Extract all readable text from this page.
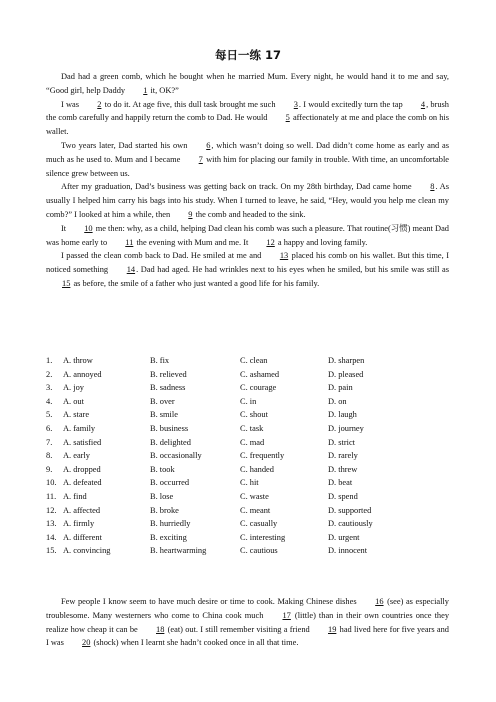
每日一练 17

Dad had a green comb, which he bought when he married Mum. Every night, he would hand it to me and say, “Good girl, help Daddy 1 it, OK?”

I was 2 to do it. At age five, this dull task brought me such 3. I would excitedly turn the tap 4, brush the comb carefully and happily return the comb to Dad. He would 5 affectionately at me and place the comb on his wallet.

Two years later, Dad started his own 6, which wasn’t doing so well. Dad didn’t come home as early and as much as he used to. Mum and I became 7 with him for placing our family in trouble. With time, an uncomfortable silence grew between us.

After my graduation, Dad’s business was getting back on track. On my 28th birthday, Dad came home 8. As usually I helped him carry his bags into his study. When I turned to leave, he said, “Hey, would you help me clean my comb?” I looked at him a while, then 9 the comb and headed to the sink.

It 10 me then: why, as a child, helping Dad clean his comb was such a pleasure. That routine(习惯) meant Dad was home early to 11 the evening with Mum and me. It 12 a happy and loving family.

I passed the clean comb back to Dad. He smiled at me and 13 placed his comb on his wallet. But this time, I noticed something 14. Dad had aged. He had wrinkles next to his eyes when he smiled, but his smile was still as 15 as before, the smile of a father who just wanted a good life for his family.

1. A. throw	B. fix	C. clean	D. sharpen
2. A. annoyed	B. relieved	C. ashamed	D. pleased
3. A. joy	B. sadness	C. courage	D. pain
4. A. out	B. over	C. in	D. on
5. A. stare	B. smile	C. shout	D. laugh
6. A. family	B. business	C. task	D. journey
7. A. satisfied	B. delighted	C. mad	D. strict
8. A. early	B. occasionally	C. frequently	D. rarely
9. A. dropped	B. took	C. handed	D. threw
10. A. defeated	B. occurred	C. hit	D. beat
11. A. find	B. lose	C. waste	D. spend
12. A. affected	B. broke	C. meant	D. supported
13. A. firmly	B. hurriedly	C. casually	D. cautiously
14. A. different	B. exciting	C. interesting	D. urgent
15. A. convincing	B. heartwarming	C. cautious	D. innocent

Few people I know seem to have much desire or time to cook. Making Chinese dishes 16 (see) as especially troublesome. Many westerners who come to China cook much 17 (little) than in their own countries once they realize how cheap it can be 18 (eat) out. I still remember visiting a friend 19 had lived here for five years and I was 20 (shock) when I learnt she hadn’t cooked once in all that time.
